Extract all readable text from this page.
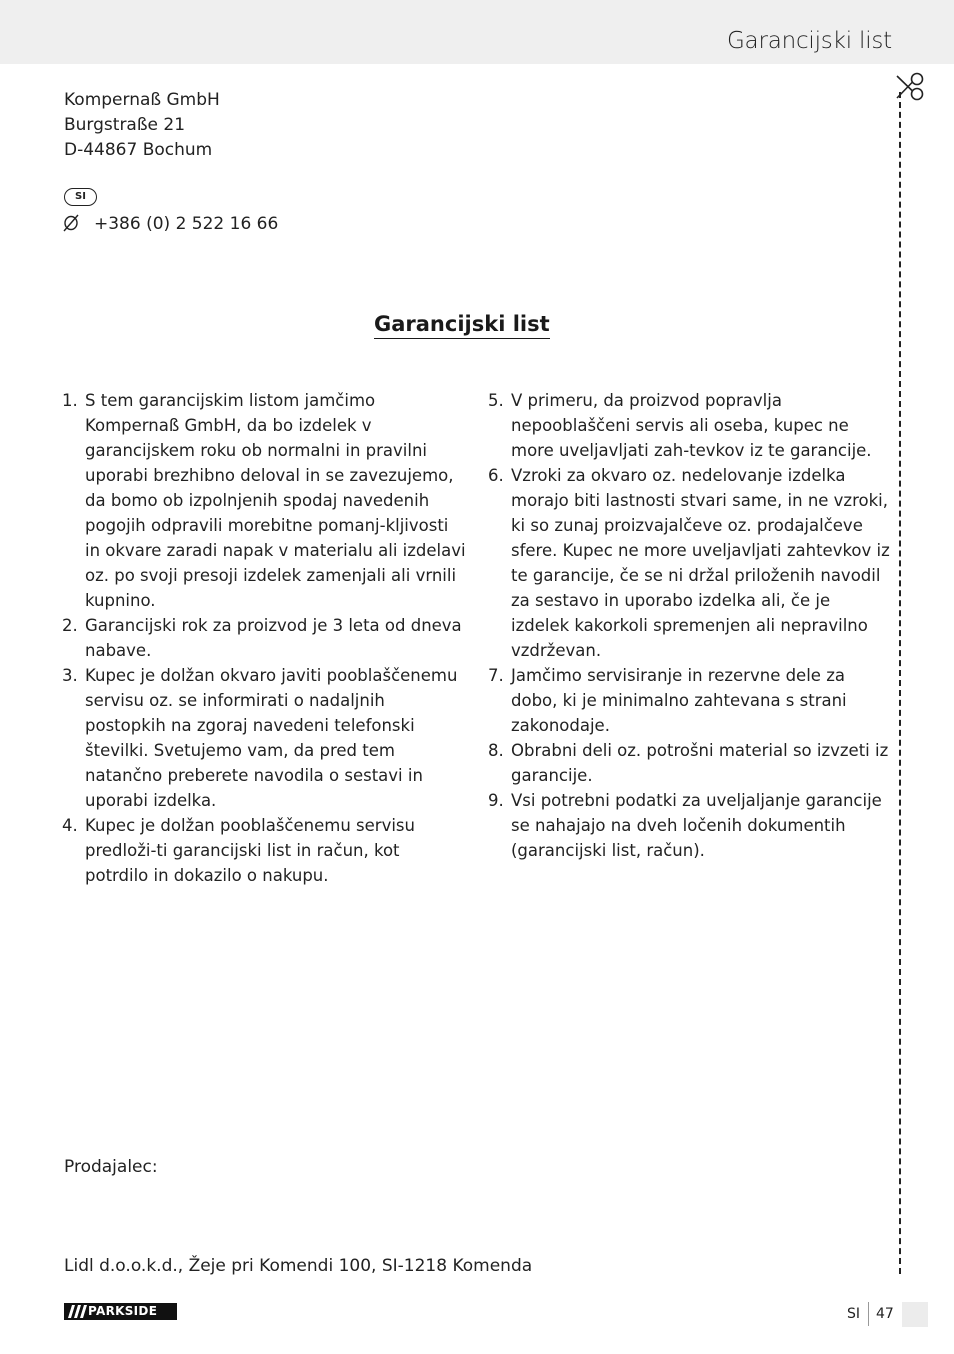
Garancijski list
Kompernaß GmbH
Burgstraße 21
D-44867 Bochum
SI
+386 (0) 2 522 16 66
Garancijski list
1. S tem garancijskim listom jamčimo Kompernaß GmbH, da bo izdelek v garancijskem roku ob normalni in pravilni uporabi brezhibno deloval in se zavezujemo, da bomo ob izpolnjenih spodaj navedenih pogojih odpravili morebitne pomanj-kljivosti in okvare zaradi napak v materialu ali izdelavi oz. po svoji presoji izdelek zamenjali ali vrnili kupnino.
2. Garancijski rok za proizvod je 3 leta od dneva nabave.
3. Kupec je dolžan okvaro javiti pooblaščenemu servisu oz. se informirati o nadaljnih postopkih na zgoraj navedeni telefonski številki. Svetujemo vam, da pred tem natančno preberete navodila o sestavi in uporabi izdelka.
4. Kupec je dolžan pooblaščenemu servisu predloži-ti garancijski list in račun, kot potrdilo in dokazilo o nakupu.
5. V primeru, da proizvod popravlja nepooblaščeni servis ali oseba, kupec ne more uveljavljati zah-tevkov iz te garancije.
6. Vzroki za okvaro oz. nedelovanje izdelka morajo biti lastnosti stvari same, in ne vzroki, ki so zunaj proizvajalčeve oz. prodajalčeve sfere. Kupec ne more uveljavljati zahtevkov iz te garancije, če se ni držal priloženih navodil za sestavo in uporabo izdelka ali, če je izdelek kakorkoli spremenjen ali nepravilno vzdrževan.
7. Jamčimo servisiranje in rezervne dele za dobo, ki je minimalno zahtevana s strani zakonodaje.
8. Obrabni deli oz. potrošni material so izvzeti iz garancije.
9. Vsi potrebni podatki za uveljaljanje garancije se nahajajo na dveh ločenih dokumentih (garancijski list, račun).
Prodajalec:
Lidl d.o.o.k.d., Žeje pri Komendi 100, SI-1218 Komenda
PARKSIDE	SI 47
